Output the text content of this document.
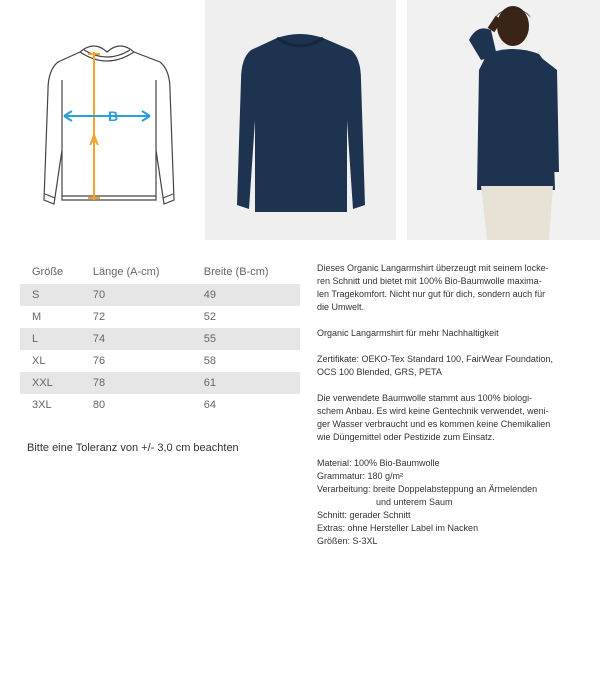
A
B
Größe	Länge (A-cm)	Breite (B-cm)
S	70	49
M	72	52
L	74	55
XL	76	58
XXL	78	61
3XL	80	64
Bitte eine Toleranz von +/- 3,0 cm beachten

Dieses Organic Langarmshirt überzeugt mit seinem locke-
ren Schnitt und bietet mit 100% Bio-Baumwolle maxima-
len Tragekomfort. Nicht nur gut für dich, sondern auch für
die Umwelt.

Organic Langarmshirt für mehr Nachhaltigkeit

Zertifikate: OEKO-Tex Standard 100, FairWear Foundation,
OCS 100 Blended, GRS, PETA

Die verwendete Baumwolle stammt aus 100% biologi-
schem Anbau. Es wird keine Gentechnik verwendet, weni-
ger Wasser verbraucht und es kommen keine Chemikalien
wie Düngemittel oder Pestizide zum Einsatz.

Material: 100% Bio-Baumwolle
Grammatur: 180 g/m²
Verarbeitung: breite Doppelabsteppung an Ärmelenden
und unterem Saum
Schnitt: gerader Schnitt
Extras: ohne Hersteller Label im Nacken
Größen: S-3XL
